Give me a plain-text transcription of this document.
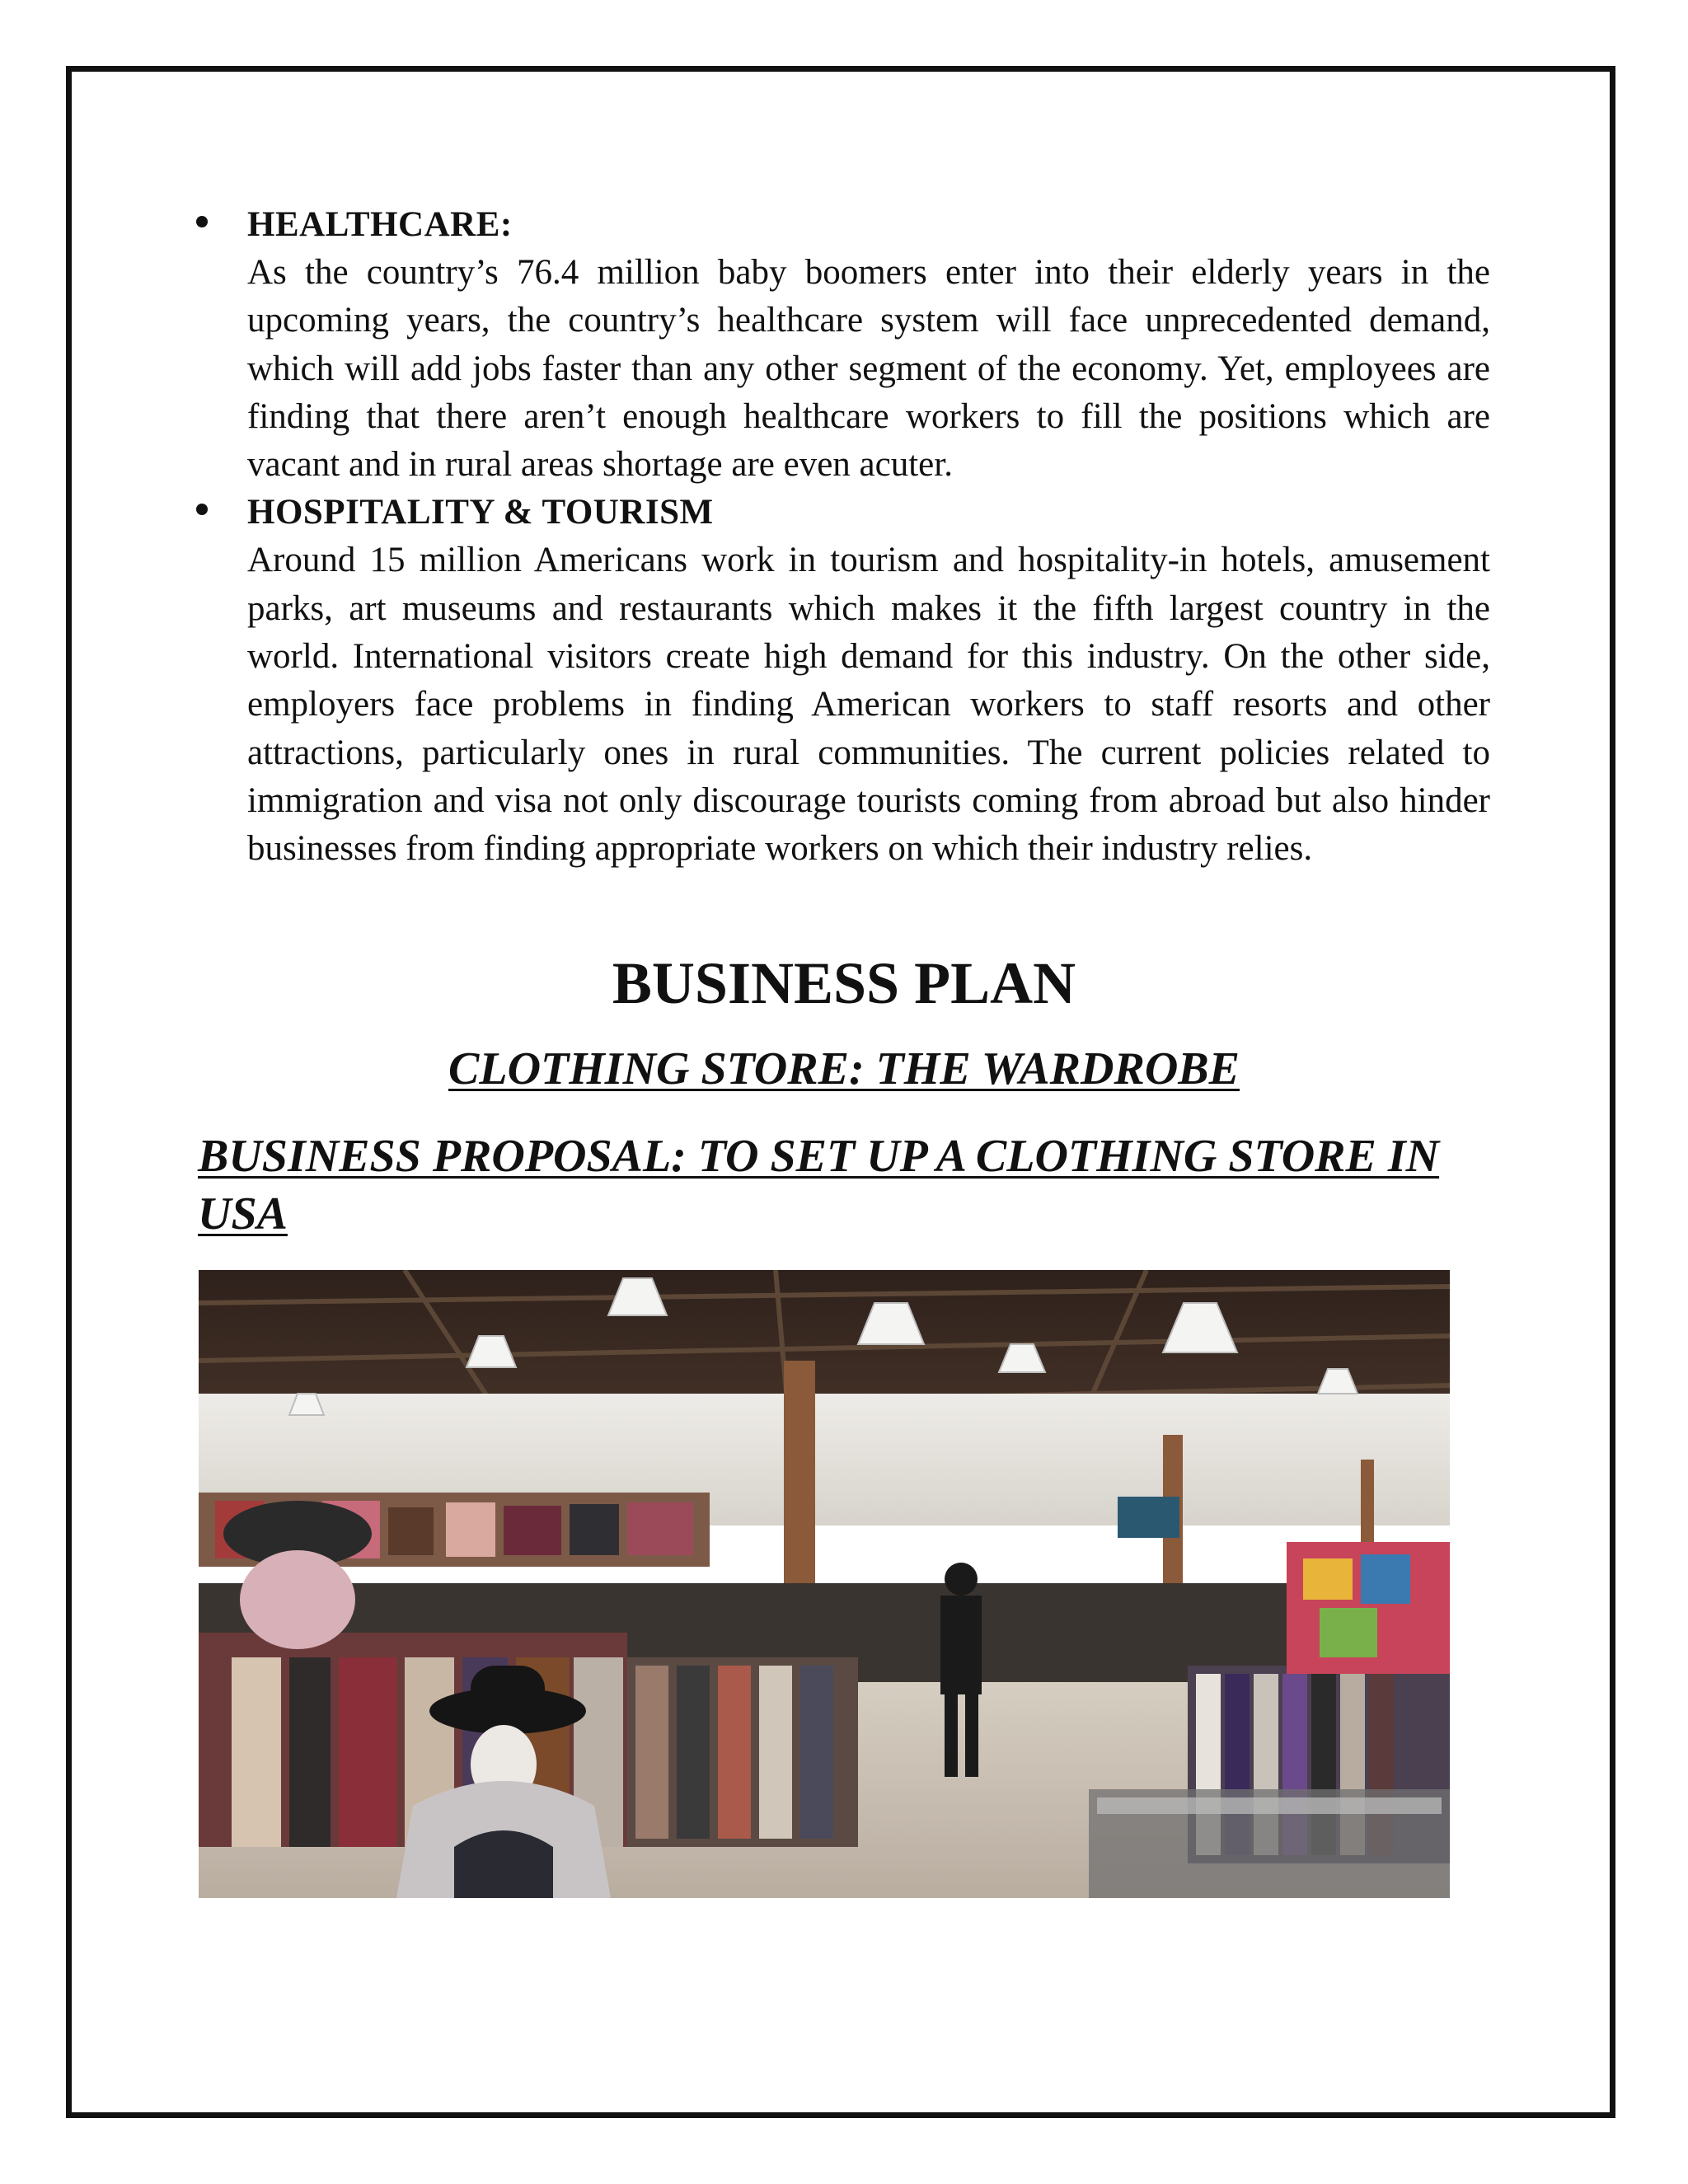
HEALTHCARE:

As the country’s 76.4 million baby boomers enter into their elderly years in the upcoming years, the country’s healthcare system will face unprecedented demand, which will add jobs faster than any other segment of the economy. Yet, employees are finding that there aren’t enough healthcare workers to fill the positions which are vacant and in rural areas shortage are even acuter.

HOSPITALITY & TOURISM

Around 15 million Americans work in tourism and hospitality-in hotels, amusement parks, art museums and restaurants which makes it the fifth largest country in the world. International visitors create high demand for this industry. On the other side, employers face problems in finding American workers to staff resorts and other attractions, particularly ones in rural communities. The current policies related to immigration and visa not only discourage tourists coming from abroad but also hinder businesses from finding appropriate workers on which their industry relies.

BUSINESS PLAN
CLOTHING STORE: THE WARDROBE
BUSINESS PROPOSAL: TO SET UP A CLOTHING STORE IN USA
